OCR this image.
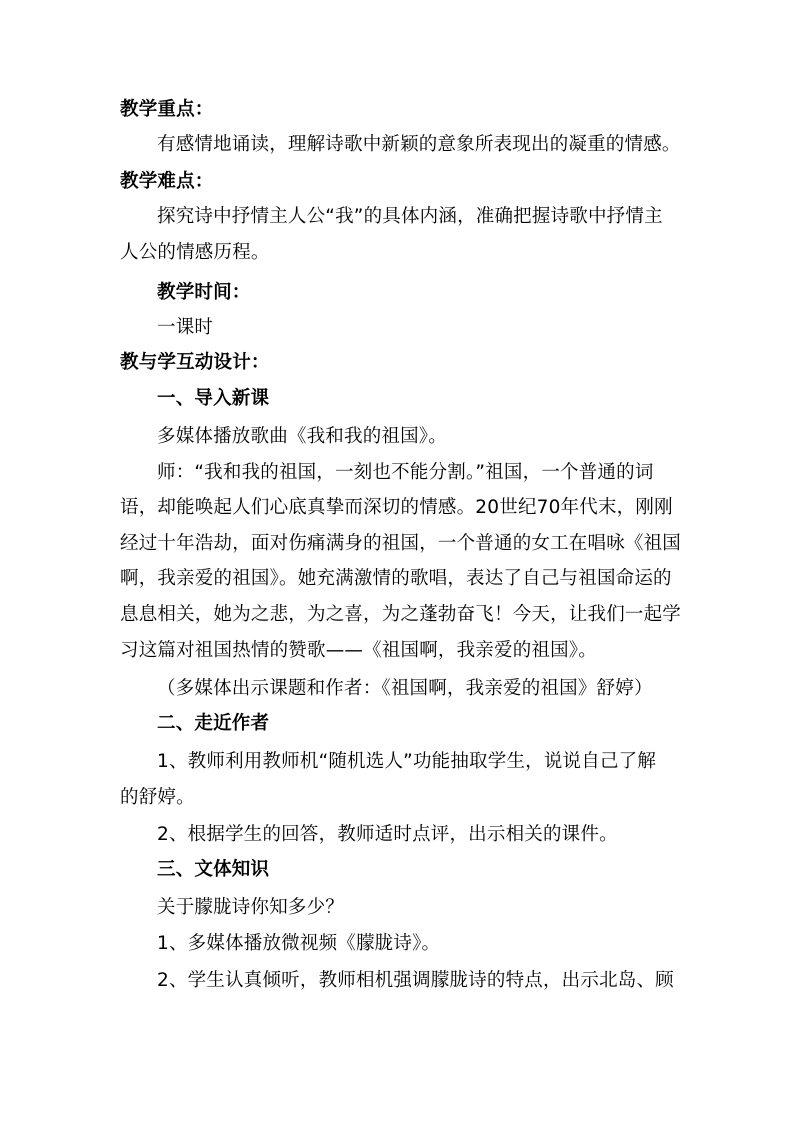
教学重点：
有感情地诵读，理解诗歌中新颖的意象所表现出的凝重的情感。
教学难点：
探究诗中抒情主人公“我”的具体内涵，准确把握诗歌中抒情主
人公的情感历程。
教学时间：
一课时
教与学互动设计：
一、导入新课
多媒体播放歌曲《我和我的祖国》。
师：“我和我的祖国，一刻也不能分割。”祖国，一个普通的词
语，却能唤起人们心底真挚而深切的情感。20世纪70年代末，刚刚
经过十年浩劫，面对伤痛满身的祖国，一个普通的女工在唱咏《祖国
啊，我亲爱的祖国》。她充满激情的歌唱，表达了自己与祖国命运的
息息相关，她为之悲，为之喜，为之蓬勃奋飞！今天，让我们一起学
习这篇对祖国热情的赞歌——《祖国啊，我亲爱的祖国》。
（多媒体出示课题和作者：《祖国啊，我亲爱的祖国》舒婷）
二、走近作者
1、教师利用教师机“随机选人”功能抽取学生，说说自己了解
的舒婷。
2、根据学生的回答，教师适时点评，出示相关的课件。
三、文体知识
关于朦胧诗你知多少？
1、多媒体播放微视频《朦胧诗》。
2、学生认真倾听，教师相机强调朦胧诗的特点，出示北岛、顾
